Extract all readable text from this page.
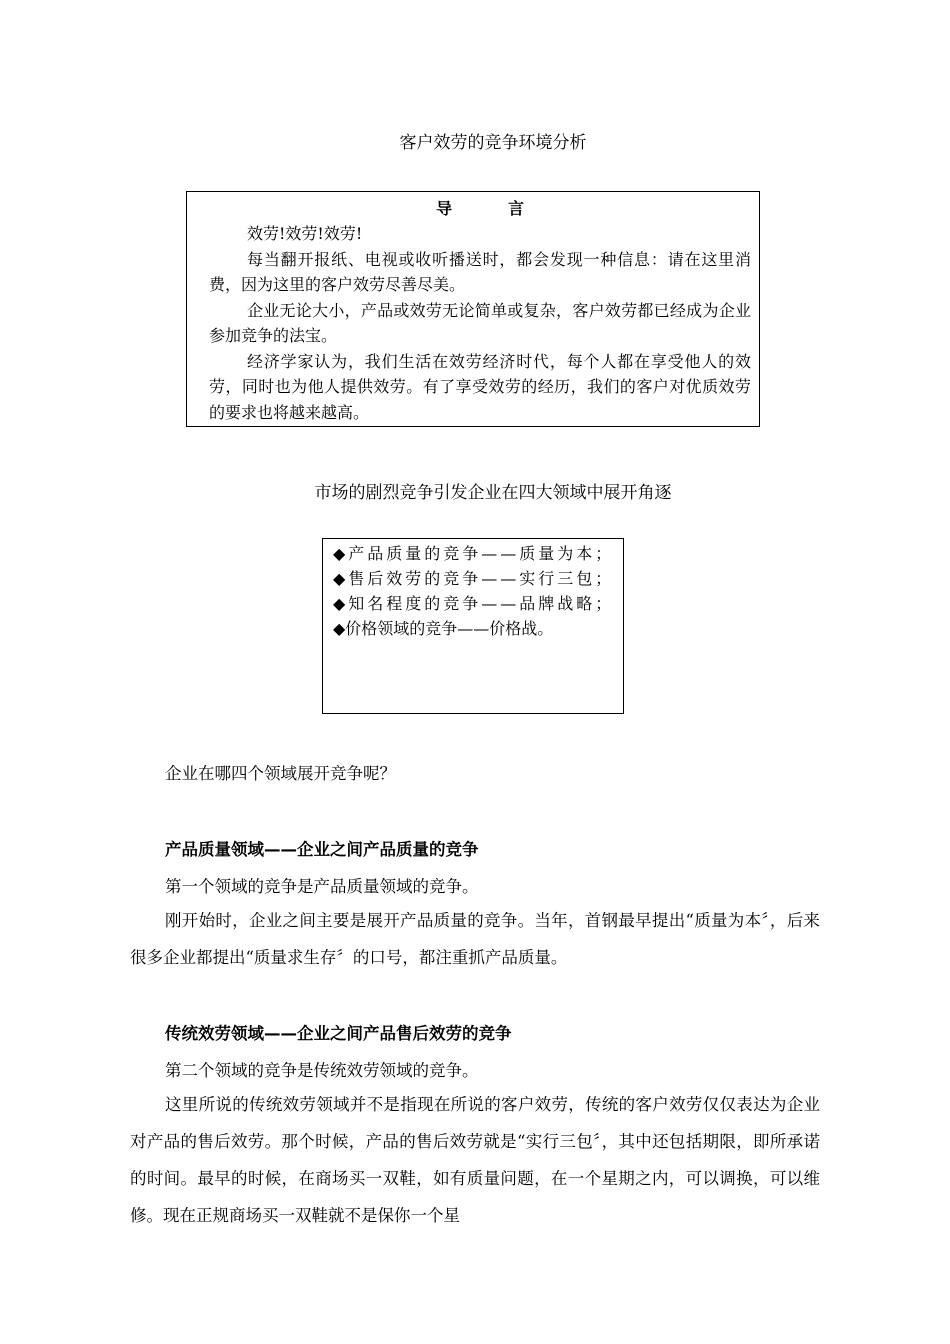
客户效劳的竞争环境分析
导　言

效劳!效劳!效劳!

每当翻开报纸、电视或收听播送时，都会发现一种信息：请在这里消费，因为这里的客户效劳尽善尽美。

企业无论大小，产品或效劳无论简单或复杂，客户效劳都已经成为企业参加竞争的法宝。

经济学家认为，我们生活在效劳经济时代，每个人都在享受他人的效劳，同时也为他人提供效劳。有了享受效劳的经历，我们的客户对优质效劳的要求也将越来越高。

市场的剧烈竞争引发企业在四大领域中展开角逐
◆产品质量的竞争——质量为本；
◆售后效劳的竞争——实行三包；
◆知名程度的竞争——品牌战略；
◆价格领域的竞争——价格战。
企业在哪四个领域展开竞争呢？
产品质量领域——企业之间产品质量的竞争
第一个领域的竞争是产品质量领域的竞争。
刚开始时，企业之间主要是展开产品质量的竞争。当年，首钢最早提出“质量为本〞，后来很多企业都提出“质量求生存〞的口号，都注重抓产品质量。
传统效劳领域——企业之间产品售后效劳的竞争
第二个领域的竞争是传统效劳领域的竞争。
这里所说的传统效劳领域并不是指现在所说的客户效劳，传统的客户效劳仅仅表达为企业对产品的售后效劳。那个时候，产品的售后效劳就是“实行三包〞，其中还包括期限，即所承诺的时间。最早的时候，在商场买一双鞋，如有质量问题，在一个星期之内，可以调换，可以维修。现在正规商场买一双鞋就不是保你一个星
